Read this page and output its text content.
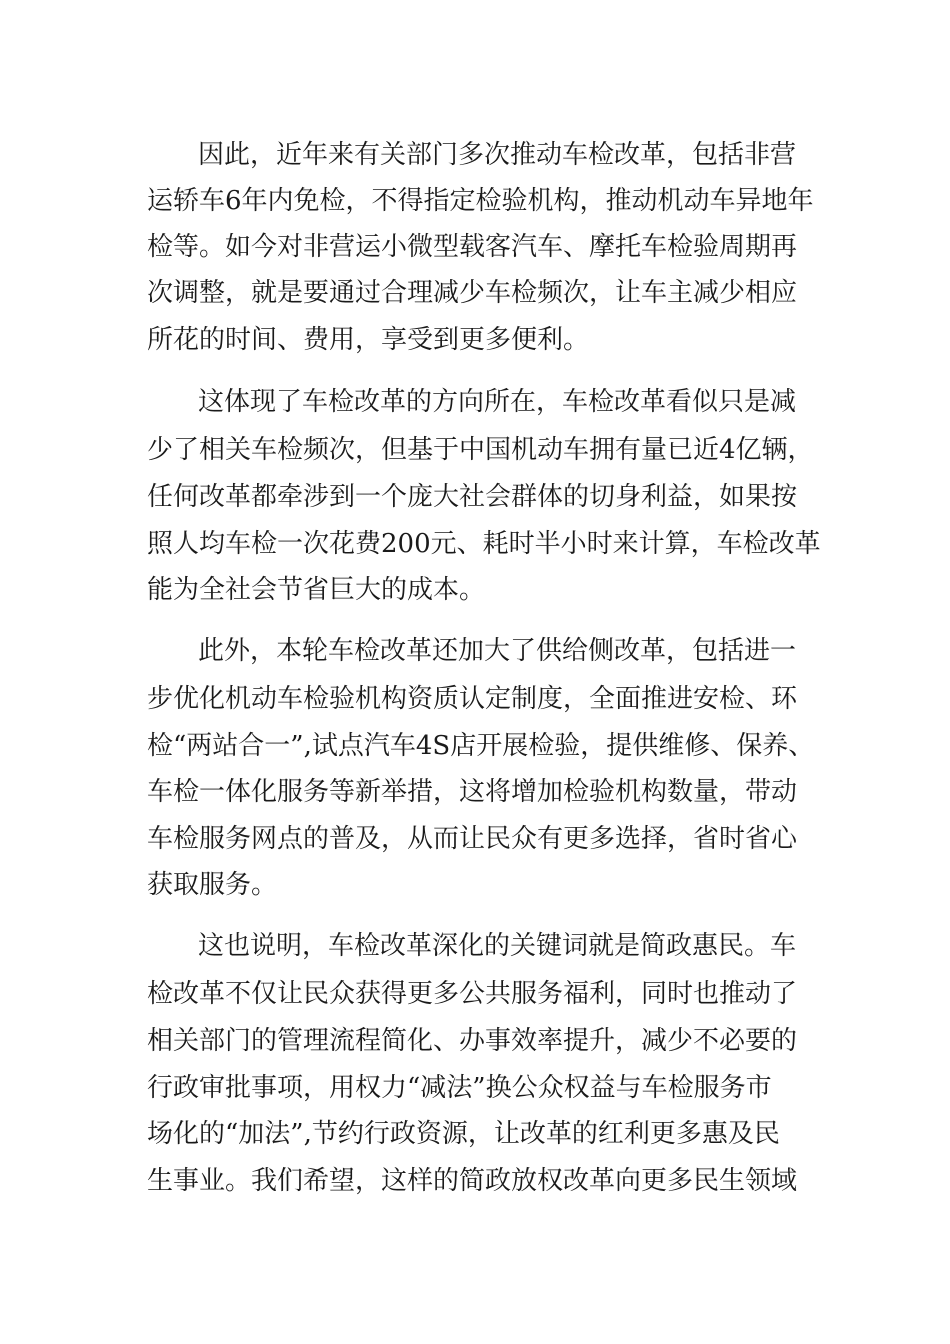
因此，近年来有关部门多次推动车检改革，包括非营
运轿车6年内免检，不得指定检验机构，推动机动车异地年
检等。如今对非营运小微型载客汽车、摩托车检验周期再
次调整，就是要通过合理减少车检频次，让车主减少相应
所花的时间、费用，享受到更多便利。
这体现了车检改革的方向所在，车检改革看似只是减
少了相关车检频次，但基于中国机动车拥有量已近4亿辆，
任何改革都牵涉到一个庞大社会群体的切身利益，如果按
照人均车检一次花费200元、耗时半小时来计算，车检改革
能为全社会节省巨大的成本。
此外，本轮车检改革还加大了供给侧改革，包括进一
步优化机动车检验机构资质认定制度，全面推进安检、环
检“两站合一”,试点汽车4S店开展检验，提供维修、保养、
车检一体化服务等新举措，这将增加检验机构数量，带动
车检服务网点的普及，从而让民众有更多选择，省时省心
获取服务。
这也说明，车检改革深化的关键词就是简政惠民。车
检改革不仅让民众获得更多公共服务福利，同时也推动了
相关部门的管理流程简化、办事效率提升，减少不必要的
行政审批事项，用权力“减法”换公众权益与车检服务市
场化的“加法”,节约行政资源，让改革的红利更多惠及民
生事业。我们希望，这样的简政放权改革向更多民生领域
